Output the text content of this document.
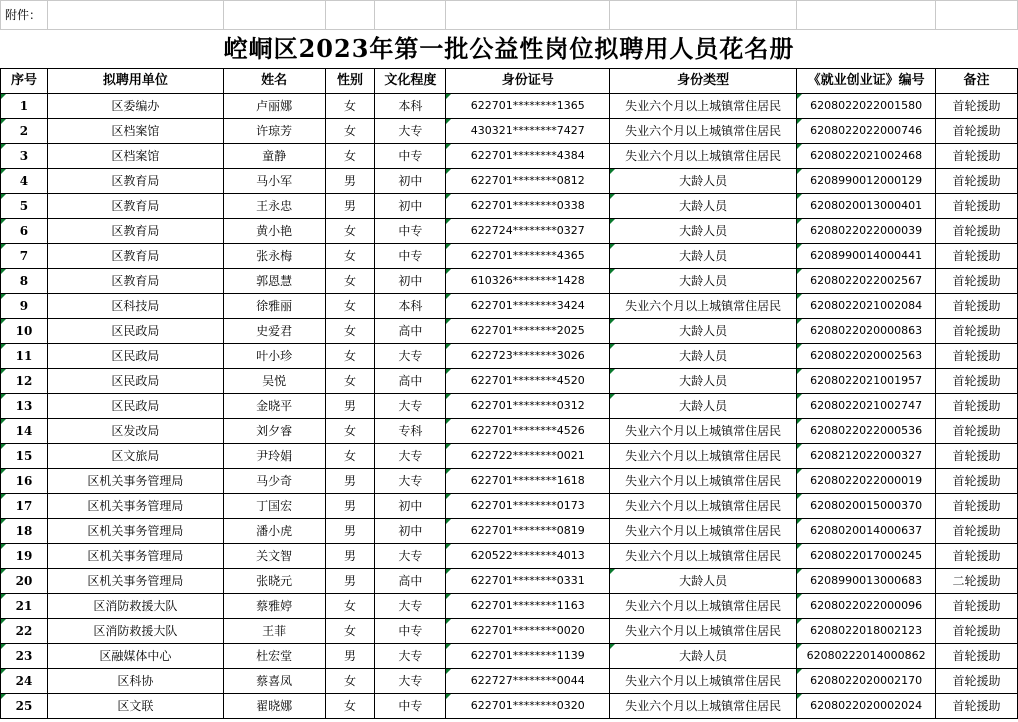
附件：								
崆峒区2023年第一批公益性岗位拟聘用人员花名册								
序号	拟聘用单位	姓名	性别	文化程度	身份证号	身份类型	《就业创业证》编号	备注
1	区委编办	卢丽娜	女	本科	622701********1365	失业六个月以上城镇常住居民	6208022022001580	首轮援助
2	区档案馆	许琼芳	女	大专	430321********7427	失业六个月以上城镇常住居民	6208022022000746	首轮援助
3	区档案馆	童静	女	中专	622701********4384	失业六个月以上城镇常住居民	6208022021002468	首轮援助
4	区教育局	马小军	男	初中	622701********0812	大龄人员	6208990012000129	首轮援助
5	区教育局	王永忠	男	初中	622701********0338	大龄人员	6208020013000401	首轮援助
6	区教育局	黄小艳	女	中专	622724********0327	大龄人员	6208022022000039	首轮援助
7	区教育局	张永梅	女	中专	622701********4365	大龄人员	6208990014000441	首轮援助
8	区教育局	郭恩慧	女	初中	610326********1428	大龄人员	6208022022002567	首轮援助
9	区科技局	徐雅丽	女	本科	622701********3424	失业六个月以上城镇常住居民	6208022021002084	首轮援助
10	区民政局	史爱君	女	高中	622701********2025	大龄人员	6208022020000863	首轮援助
11	区民政局	叶小珍	女	大专	622723********3026	大龄人员	6208022020002563	首轮援助
12	区民政局	吴悦	女	高中	622701********4520	大龄人员	6208022021001957	首轮援助
13	区民政局	金晓平	男	大专	622701********0312	大龄人员	6208022021002747	首轮援助
14	区发改局	刘夕睿	女	专科	622701********4526	失业六个月以上城镇常住居民	6208022022000536	首轮援助
15	区文旅局	尹玲娟	女	大专	622722********0021	失业六个月以上城镇常住居民	6208212022000327	首轮援助
16	区机关事务管理局	马少奇	男	大专	622701********1618	失业六个月以上城镇常住居民	6208022022000019	首轮援助
17	区机关事务管理局	丁国宏	男	初中	622701********0173	失业六个月以上城镇常住居民	6208020015000370	首轮援助
18	区机关事务管理局	潘小虎	男	初中	622701********0819	失业六个月以上城镇常住居民	6208020014000637	首轮援助
19	区机关事务管理局	关文智	男	大专	620522********4013	失业六个月以上城镇常住居民	6208022017000245	首轮援助
20	区机关事务管理局	张晓元	男	高中	622701********0331	大龄人员	6208990013000683	二轮援助
21	区消防救援大队	蔡雅婷	女	大专	622701********1163	失业六个月以上城镇常住居民	6208022022000096	首轮援助
22	区消防救援大队	王菲	女	中专	622701********0020	失业六个月以上城镇常住居民	6208022018002123	首轮援助
23	区融媒体中心	杜宏堂	男	大专	622701********1139	大龄人员	62080222014000862	首轮援助
24	区科协	蔡喜凤	女	大专	622727********0044	失业六个月以上城镇常住居民	6208022020002170	首轮援助
25	区文联	翟晓娜	女	中专	622701********0320	失业六个月以上城镇常住居民	6208022020002024	首轮援助
